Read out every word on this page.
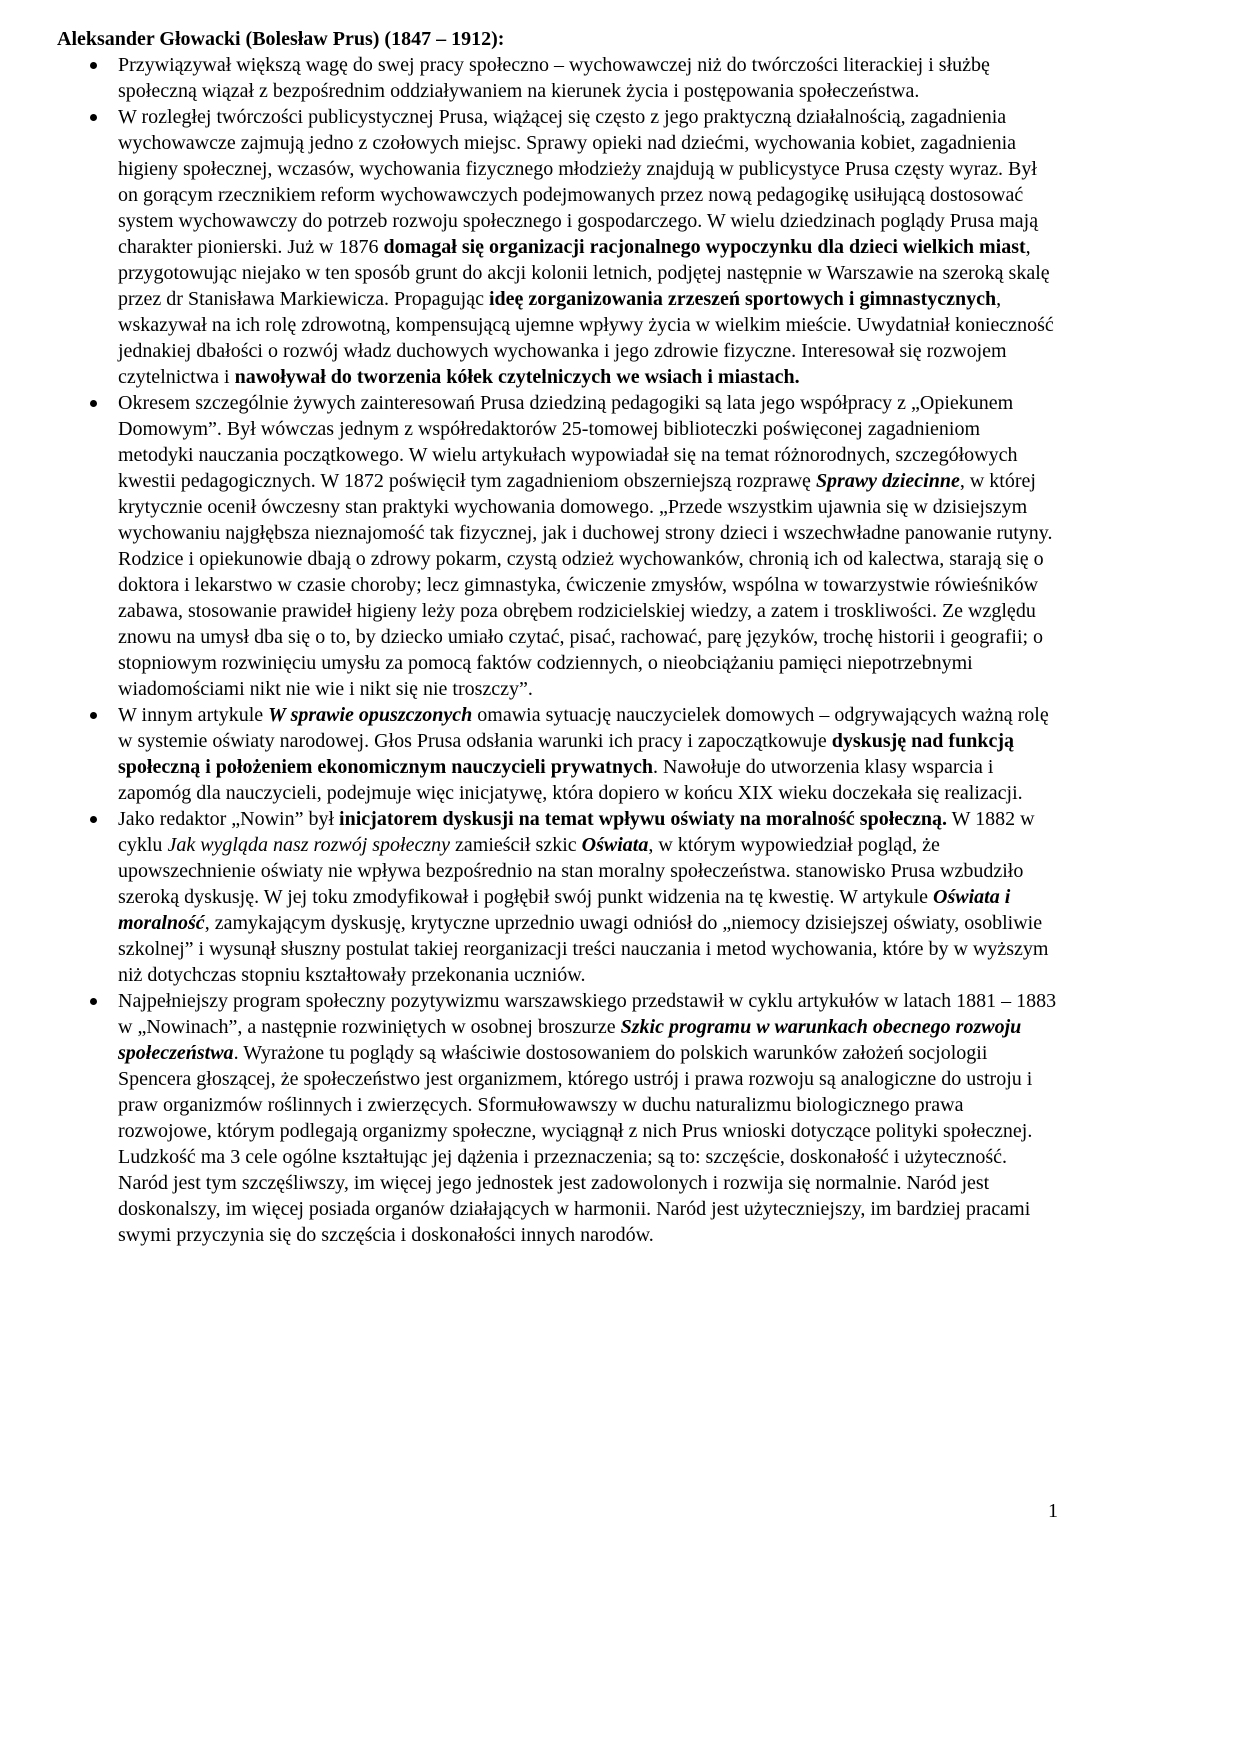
Aleksander Głowacki (Bolesław Prus) (1847 – 1912):
Przywiązywał większą wagę do swej pracy społeczno – wychowawczej niż do twórczości literackiej i służbę społeczną wiązał z bezpośrednim oddziaływaniem na kierunek życia i postępowania społeczeństwa.
W rozległej twórczości publicystycznej Prusa, wiążącej się często z jego praktyczną działalnością, zagadnienia wychowawcze zajmują jedno z czołowych miejsc. Sprawy opieki nad dziećmi, wychowania kobiet, zagadnienia higieny społecznej, wczasów, wychowania fizycznego młodzieży znajdują w publicystyce Prusa częsty wyraz. Był on gorącym rzecznikiem reform wychowawczych podejmowanych przez nową pedagogikę usiłującą dostosować system wychowawczy do potrzeb rozwoju społecznego i gospodarczego. W wielu dziedzinach poglądy Prusa mają charakter pionierski. Już w 1876 domagał się organizacji racjonalnego wypoczynku dla dzieci wielkich miast, przygotowując niejako w ten sposób grunt do akcji kolonii letnich, podjętej następnie w Warszawie na szeroką skalę przez dr Stanisława Markiewicza. Propagując ideę zorganizowania zrzeszeń sportowych i gimnastycznych, wskazywał na ich rolę zdrowotną, kompensującą ujemne wpływy życia w wielkim mieście. Uwydatniał konieczność jednakiej dbałości o rozwój władz duchowych wychowanka i jego zdrowie fizyczne. Interesował się rozwojem czytelnictwa i nawoływał do tworzenia kółek czytelniczych we wsiach i miastach.
Okresem szczególnie żywych zainteresowań Prusa dziedziną pedagogiki są lata jego współpracy z „Opiekunem Domowym”. Był wówczas jednym z współredaktorów 25-tomowej biblioteczki poświęconej zagadnieniom metodyki nauczania początkowego. W wielu artykułach wypowiadał się na temat różnorodnych, szczegółowych kwestii pedagogicznych. W 1872 poświęcił tym zagadnieniom obszerniejszą rozprawę Sprawy dziecinne, w której krytycznie ocenił ówczesny stan praktyki wychowania domowego. „Przede wszystkim ujawnia się w dzisiejszym wychowaniu najgłębsza nieznajomość tak fizycznej, jak i duchowej strony dzieci i wszechwładne panowanie rutyny. Rodzice i opiekunowie dbają o zdrowy pokarm, czystą odzież wychowanków, chronią ich od kalectwa, starają się o doktora i lekarstwo w czasie choroby; lecz gimnastyka, ćwiczenie zmysłów, wspólna w towarzystwie rówieśników zabawa, stosowanie prawideł higieny leży poza obrębem rodzicielskiej wiedzy, a zatem i troskliwości. Ze względu znowu na umysł dba się o to, by dziecko umiało czytać, pisać, rachować, parę języków, trochę historii i geografii; o stopniowym rozwinięciu umysłu za pomocą faktów codziennych, o nieobciążaniu pamięci niepotrzebnymi wiadomościami nikt nie wie i nikt się nie troszczy”.
W innym artykule W sprawie opuszczonych omawia sytuację nauczycielek domowych – odgrywających ważną rolę w systemie oświaty narodowej. Głos Prusa odsłania warunki ich pracy i zapoczątkowuje dyskusję nad funkcją społeczną i położeniem ekonomicznym nauczycieli prywatnych. Nawołuje do utworzenia klasy wsparcia i zapomóg dla nauczycieli, podejmuje więc inicjatywę, która dopiero w końcu XIX wieku doczekała się realizacji.
Jako redaktor „Nowin” był inicjatorem dyskusji na temat wpływu oświaty na moralność społeczną. W 1882 w cyklu Jak wygląda nasz rozwój społeczny zamieścił szkic Oświata, w którym wypowiedział pogląd, że upowszechnienie oświaty nie wpływa bezpośrednio na stan moralny społeczeństwa. stanowisko Prusa wzbudziło szeroką dyskusję. W jej toku zmodyfikował i pogłębił swój punkt widzenia na tę kwestię. W artykule Oświata i moralność, zamykającym dyskusję, krytyczne uprzednio uwagi odniósł do „niemocy dzisiejszej oświaty, osobliwie szkolnej” i wysunął słuszny postulat takiej reorganizacji treści nauczania i metod wychowania, które by w wyższym niż dotychczas stopniu kształtowały przekonania uczniów.
Najpełniejszy program społeczny pozytywizmu warszawskiego przedstawił w cyklu artykułów w latach 1881 – 1883 w „Nowinach”, a następnie rozwiniętych w osobnej broszurze Szkic programu w warunkach obecnego rozwoju społeczeństwa. Wyrażone tu poglądy są właściwie dostosowaniem do polskich warunków założeń socjologii Spencera głoszącej, że społeczeństwo jest organizmem, którego ustrój i prawa rozwoju są analogiczne do ustroju i praw organizmów roślinnych i zwierzęcych. Sformułowawszy w duchu naturalizmu biologicznego prawa rozwojowe, którym podlegają organizmy społeczne, wyciągnął z nich Prus wnioski dotyczące polityki społecznej. Ludzkość ma 3 cele ogólne kształtując jej dążenia i przeznaczenia; są to: szczęście, doskonałość i użyteczność. Naród jest tym szczęśliwszy, im więcej jego jednostek jest zadowolonych i rozwija się normalnie. Naród jest doskonalszy, im więcej posiada organów działających w harmonii. Naród jest użyteczniejszy, im bardziej pracami swymi przyczynia się do szczęścia i doskonałości innych narodów.
1
